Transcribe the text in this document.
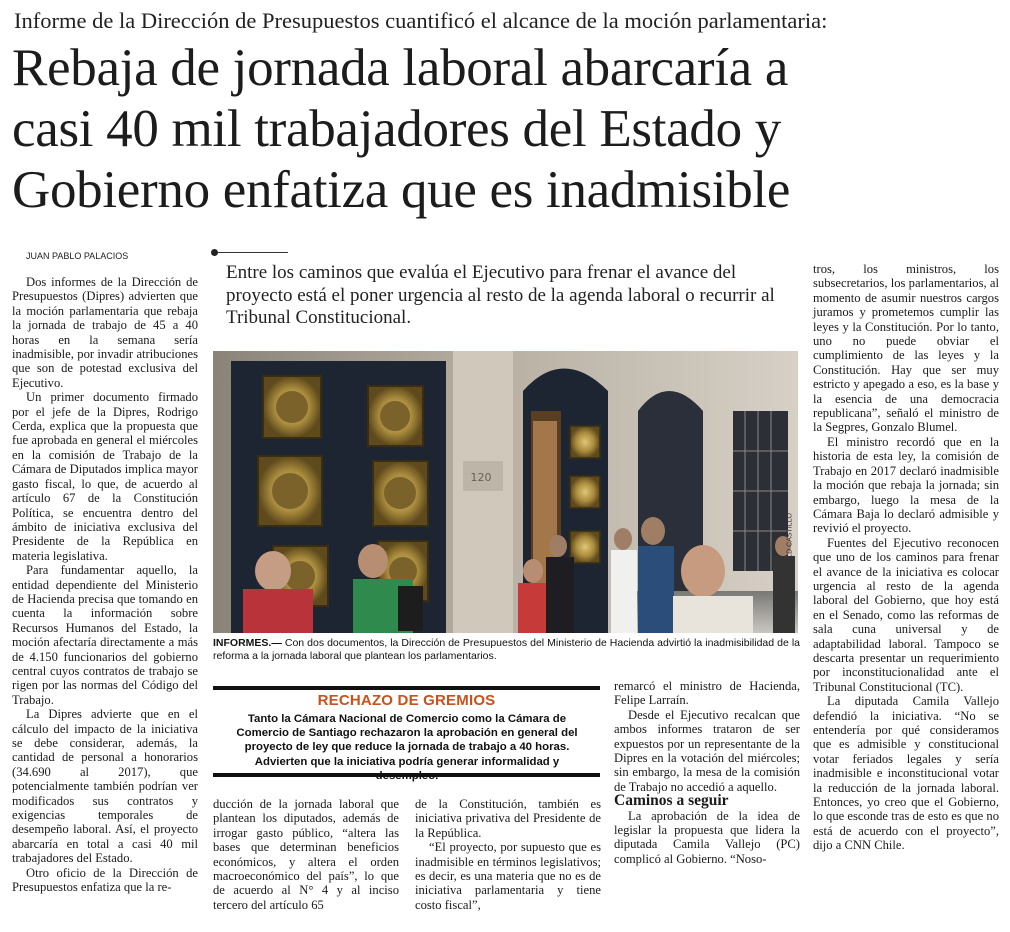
Informe de la Dirección de Presupuestos cuantificó el alcance de la moción parlamentaria:
Rebaja de jornada laboral abarcaría a
casi 40 mil trabajadores del Estado y
Gobierno enfatiza que es inadmisible
JUAN PABLO PALACIOS

Dos informes de la Dirección de Presupuestos (Dipres) advierten que la moción parlamentaria que rebaja la jornada de trabajo de 45 a 40 horas en la semana sería inadmisible, por invadir atribuciones que son de potestad exclusiva del Ejecutivo.

Un primer documento firmado por el jefe de la Dipres, Rodrigo Cerda, explica que la propuesta que fue aprobada en general el miércoles en la comisión de Trabajo de la Cámara de Diputados implica mayor gasto fiscal, lo que, de acuerdo al artículo 67 de la Constitución Política, se encuentra dentro del ámbito de iniciativa exclusiva del Presidente de la República en materia legislativa.

Para fundamentar aquello, la entidad dependiente del Ministerio de Hacienda precisa que tomando en cuenta la información sobre Recursos Humanos del Estado, la moción afectaría directamente a más de 4.150 funcionarios del gobierno central cuyos contratos de trabajo se rigen por las normas del Código del Trabajo.

La Dipres advierte que en el cálculo del impacto de la iniciativa se debe considerar, además, la cantidad de personal a honorarios (34.690 al 2017), que potencialmente también podrían ver modificados sus contratos y exigencias temporales de desempeño laboral. Así, el proyecto abarcaría en total a casi 40 mil trabajadores del Estado.

Otro oficio de la Dirección de Presupuestos enfatiza que la re-

Entre los caminos que evalúa el Ejecutivo para frenar el avance del proyecto está el poner urgencia al resto de la agenda laboral o recurrir al Tribunal Constitucional.
120
HAROLD CASTILLO
INFORMES.— Con dos documentos, la Dirección de Presupuestos del Ministerio de Hacienda advirtió la inadmisibilidad de la reforma a la jornada laboral que plantean los parlamentarios.
RECHAZO DE GREMIOS
Tanto la Cámara Nacional de Comercio como la Cámara de Comercio de Santiago rechazaron la aprobación en general del proyecto de ley que reduce la jornada de trabajo a 40 horas. Advierten que la iniciativa podría generar informalidad y

ducción de la jornada laboral que plantean los diputados, además de irrogar gasto público, “altera las bases que determinan beneficios económicos, y altera el orden macroeconómico del país”, lo que de acuerdo al N° 4 y al inciso tercero del artículo 65

de la Constitución, también es iniciativa privativa del Presidente de la República.

“El proyecto, por supuesto que es inadmisible en términos legislativos; es decir, es una materia que no es de iniciativa parlamentaria y tiene costo fiscal”,

remarcó el ministro de Hacienda, Felipe Larraín.

Desde el Ejecutivo recalcan que ambos informes trataron de ser expuestos por un representante de la Dipres en la votación del miércoles; sin embargo, la mesa de la comisión de Trabajo no accedió a aquello.

Caminos a seguir

La aprobación de la idea de legislar la propuesta que lidera la diputada Camila Vallejo (PC) complicó al Gobierno. “Noso-

tros, los ministros, los subsecretarios, los parlamentarios, al momento de asumir nuestros cargos juramos y prometemos cumplir las leyes y la Constitución. Por lo tanto, uno no puede obviar el cumplimiento de las leyes y la Constitución. Hay que ser muy estricto y apegado a eso, es la base y la esencia de una democracia republicana”, señaló el ministro de la Segpres, Gonzalo Blumel.

El ministro recordó que en la historia de esta ley, la comisión de Trabajo en 2017 declaró inadmisible la moción que rebaja la jornada; sin embargo, luego la mesa de la Cámara Baja lo declaró admisible y revivió el proyecto.

Fuentes del Ejecutivo reconocen que uno de los caminos para frenar el avance de la iniciativa es colocar urgencia al resto de la agenda laboral del Gobierno, que hoy está en el Senado, como las reformas de sala cuna universal y de adaptabilidad laboral. Tampoco se descarta presentar un requerimiento por inconstitucionalidad ante el Tribunal Constitucional (TC).

La diputada Camila Vallejo defendió la iniciativa. “No se entendería por qué consideramos que es admisible y constitucional votar feriados legales y sería inadmisible e inconstitucional votar la reducción de la jornada laboral. Entonces, yo creo que el Gobierno, lo que esconde tras de esto es que no está de acuerdo con el proyecto”, dijo a CNN Chile.
